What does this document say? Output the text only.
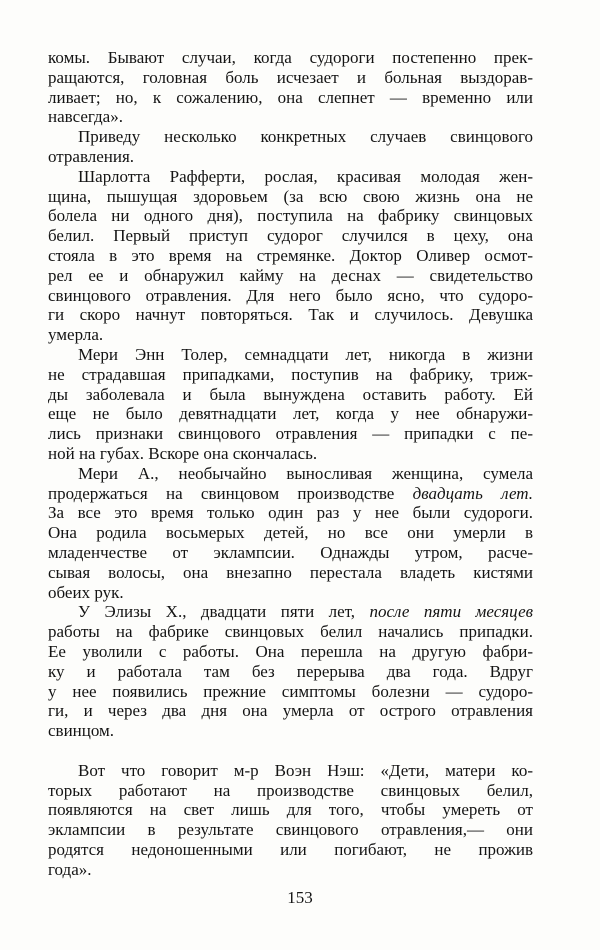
153
комы. Бывают случаи, когда судороги постепенно прек-
ращаются, головная боль исчезает и больная выздорав-
ливает; но, к сожалению, она слепнет — временно или
навсегда».
Приведу несколько конкретных случаев свинцового
отравления.
Шарлотта Рафферти, рослая, красивая молодая жен-
щина, пышущая здоровьем (за всю свою жизнь она не
болела ни одного дня), поступила на фабрику свинцовых
белил. Первый приступ судорог случился в цеху, она
стояла в это время на стремянке. Доктор Оливер осмот-
рел ее и обнаружил кайму на деснах — свидетельство
свинцового отравления. Для него было ясно, что судоро-
ги скоро начнут повторяться. Так и случилось. Девушка
умерла.
Мери Энн Толер, семнадцати лет, никогда в жизни
не страдавшая припадками, поступив на фабрику, триж-
ды заболевала и была вынуждена оставить работу. Ей
еще не было девятнадцати лет, когда у нее обнаружи-
лись признаки свинцового отравления — припадки с пе-
ной на губах. Вскоре она скончалась.
Мери А., необычайно выносливая женщина, сумела
продержаться на свинцовом производстве двадцать лет.
За все это время только один раз у нее были судороги.
Она родила восьмерых детей, но все они умерли в
младенчестве от эклампсии. Однажды утром, расче-
сывая волосы, она внезапно перестала владеть кистями
обеих рук.
У Элизы Х., двадцати пяти лет, после пяти месяцев
работы на фабрике свинцовых белил начались припадки.
Ее уволили с работы. Она перешла на другую фабри-
ку и работала там без перерыва два года. Вдруг
у нее появились прежние симптомы болезни — судоро-
ги, и через два дня она умерла от острого отравления
свинцом.
Вот что говорит м-р Воэн Нэш: «Дети, матери ко-
торых работают на производстве свинцовых белил,
появляются на свет лишь для того, чтобы умереть от
эклампсии в результате свинцового отравления,— они
родятся недоношенными или погибают, не прожив
года».
